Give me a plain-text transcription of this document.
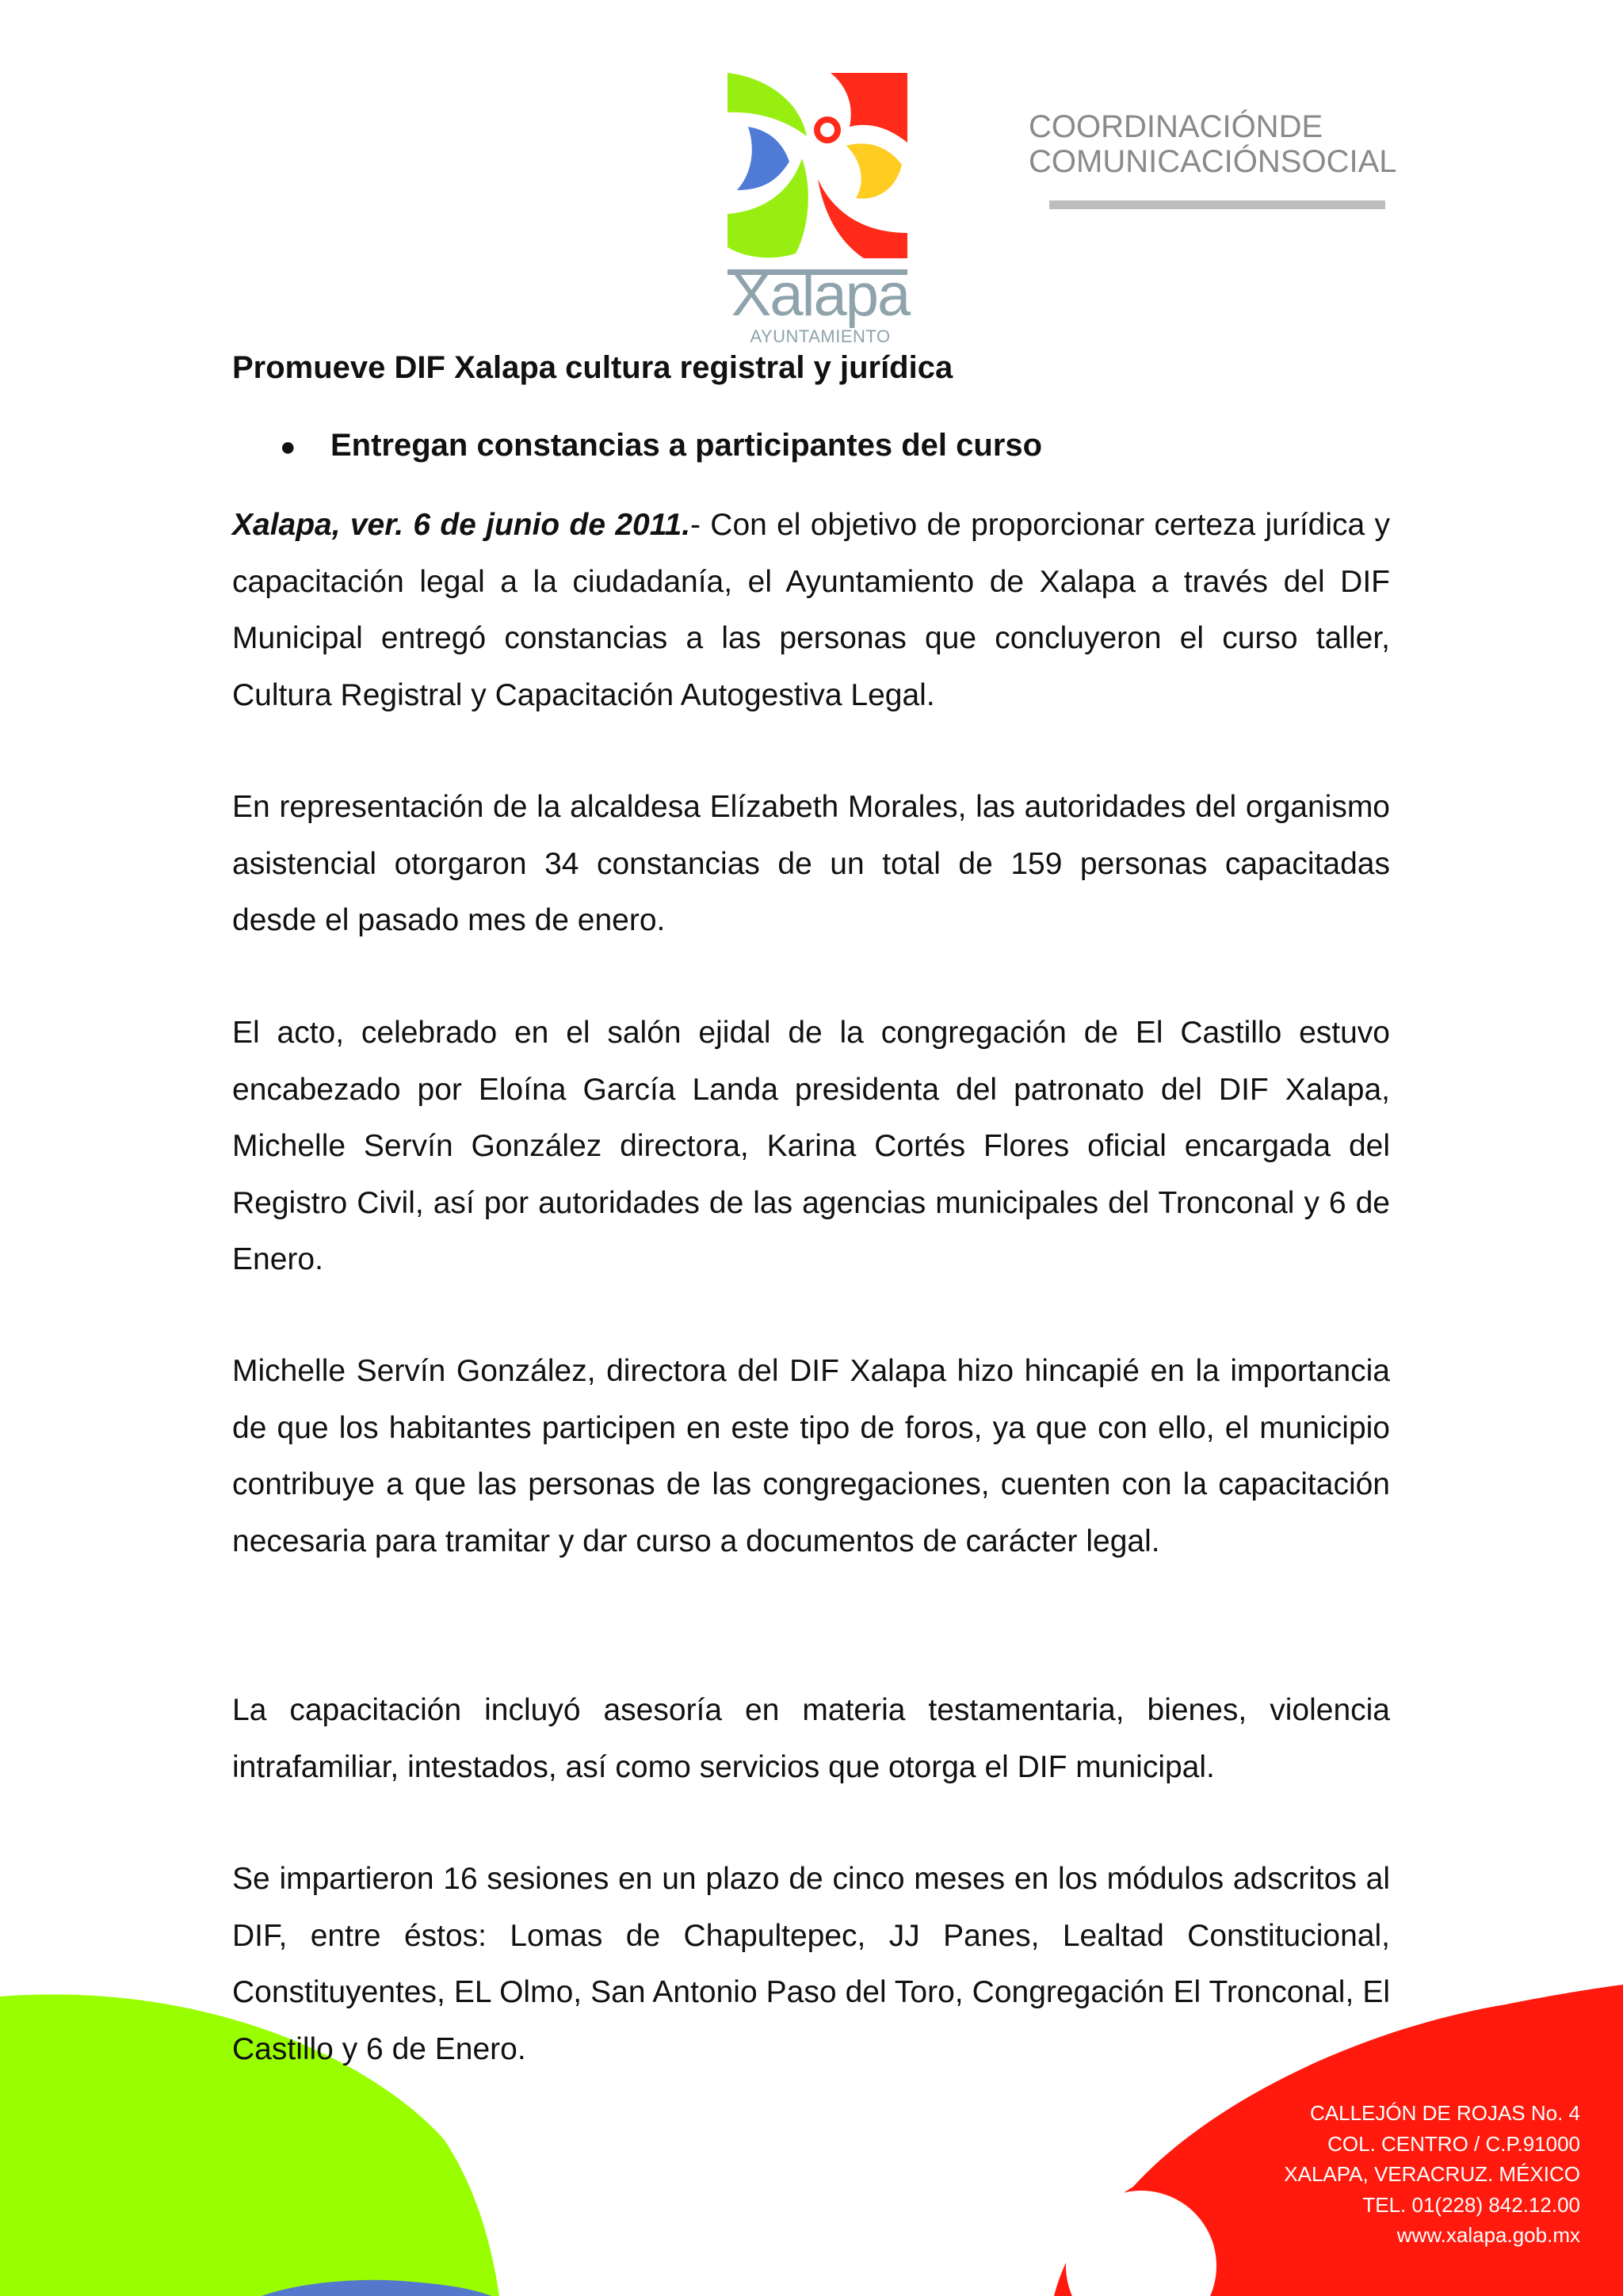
Xalapa
AYUNTAMIENTO
COORDINACIÓNDE
COMUNICACIÓNSOCIAL
Promueve DIF Xalapa cultura registral y jurídica
● Entregan constancias a participantes del curso

Xalapa, ver. 6 de junio de 2011.- Con el objetivo de proporcionar certeza jurídica y capacitación legal a la ciudadanía, el Ayuntamiento de Xalapa a través del DIF Municipal entregó constancias a las personas que concluyeron el curso taller, Cultura Registral y Capacitación Autogestiva Legal.

En representación de la alcaldesa Elízabeth Morales, las autoridades del organismo asistencial otorgaron 34 constancias de un total de 159 personas capacitadas desde el pasado mes de enero.

El acto, celebrado en el salón ejidal de la congregación de El Castillo estuvo encabezado por Eloína García Landa presidenta del patronato del DIF Xalapa, Michelle Servín González directora, Karina Cortés Flores oficial encargada del Registro Civil, así por autoridades de las agencias municipales del Tronconal y 6 de Enero.

Michelle Servín González, directora del DIF Xalapa hizo hincapié en la importancia de que los habitantes participen en este tipo de foros, ya que con ello, el municipio contribuye a que las personas de las congregaciones, cuenten con la capacitación necesaria para tramitar y dar curso a documentos de carácter legal.

La capacitación incluyó asesoría en materia testamentaria, bienes, violencia intrafamiliar, intestados, así como servicios que otorga el DIF municipal.

Se impartieron 16 sesiones en un plazo de cinco meses en los módulos adscritos al DIF, entre éstos: Lomas de Chapultepec, JJ Panes, Lealtad Constitucional, Constituyentes, EL Olmo, San Antonio Paso del Toro, Congregación El Tronconal, El Castillo y 6 de Enero.

CALLEJÓN DE ROJAS No. 4
COL. CENTRO / C.P.91000
XALAPA, VERACRUZ. MÉXICO
TEL. 01(228) 842.12.00
www.xalapa.gob.mx
